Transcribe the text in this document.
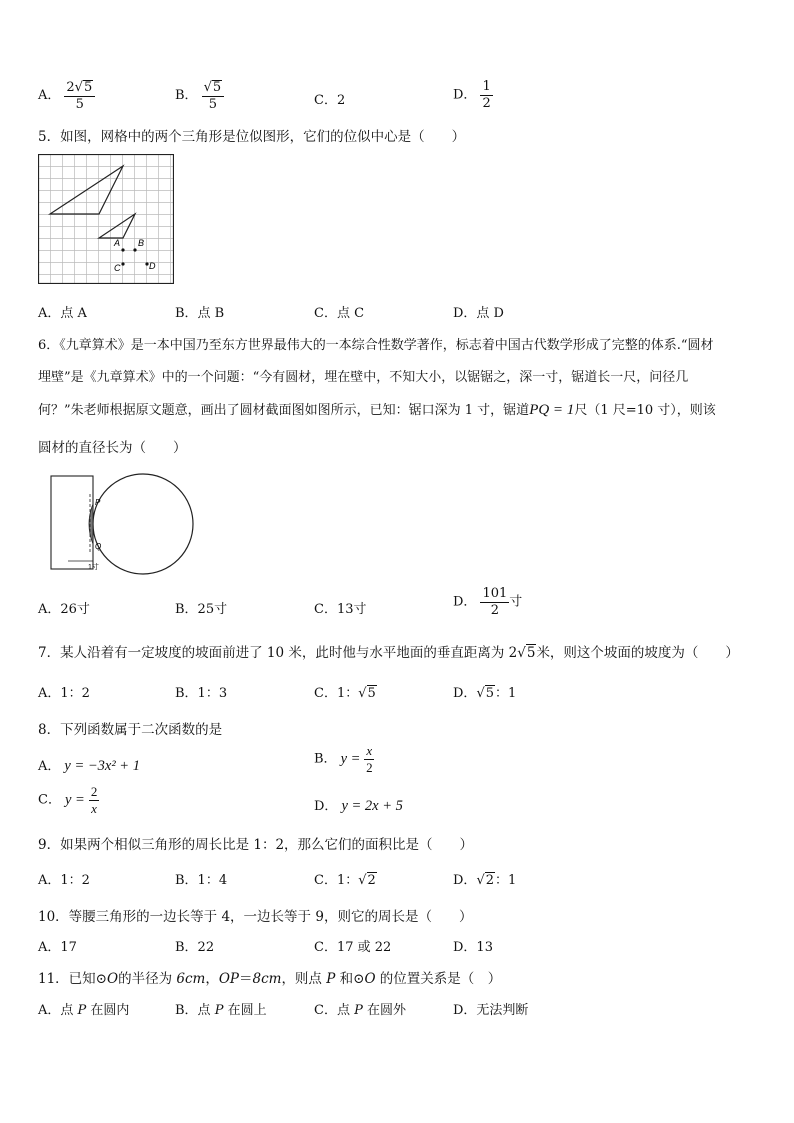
A． $\frac{2√5}{5}$	B． $\frac{√5}{5}$	C．2	D． $\frac{1}{2}$
5．如图，网格中的两个三角形是位似图形，它们的位似中心是（　　）
A B
C	D
A．点 A	B．点 B	C．点 C	D．点 D
6．《九章算术》是一本中国乃至东方世界最伟大的一本综合性数学著作，标志着中国古代数学形成了完整的体系.“圆材
埋壁”是《九章算术》中的一个问题：“今有圆材，埋在壁中，不知大小，以锯锯之，深一寸，锯道长一尺，问径几
何？”朱老师根据原文题意，画出了圆材截面图如图所示，已知：锯口深为 1 寸，锯道PQ = 1尺（1 尺=10 寸），则该
圆材的直径长为（　　）
P
Q
1寸
A．26寸	B．25寸	C．13寸	D． $\frac{101}{2}$ 寸
7．某人沿着有一定坡度的坡面前进了 10 米，此时他与水平地面的垂直距离为 2√5米，则这个坡面的坡度为（　　）
A．1：2	B．1：3	C．1：√5	D．√5：1
8．下列函数属于二次函数的是
A． y = −3x² + 1	B． $y = \frac{x}{2}$
C． $y = \frac{2}{x}$	D． y = 2x + 5
9．如果两个相似三角形的周长比是 1：2，那么它们的面积比是（　　）
A．1：2	B．1：4	C．1：√2	D．√2：1
10．等腰三角形的一边长等于 4，一边长等于 9，则它的周长是（　　）
A．17	B．22	C．17 或 22	D．13
11．已知⊙O的半径为 6cm，OP＝8cm，则点 P 和⊙O 的位置关系是（　）
A．点 P 在圆内	B．点 P 在圆上	C．点 P 在圆外	D．无法判断
